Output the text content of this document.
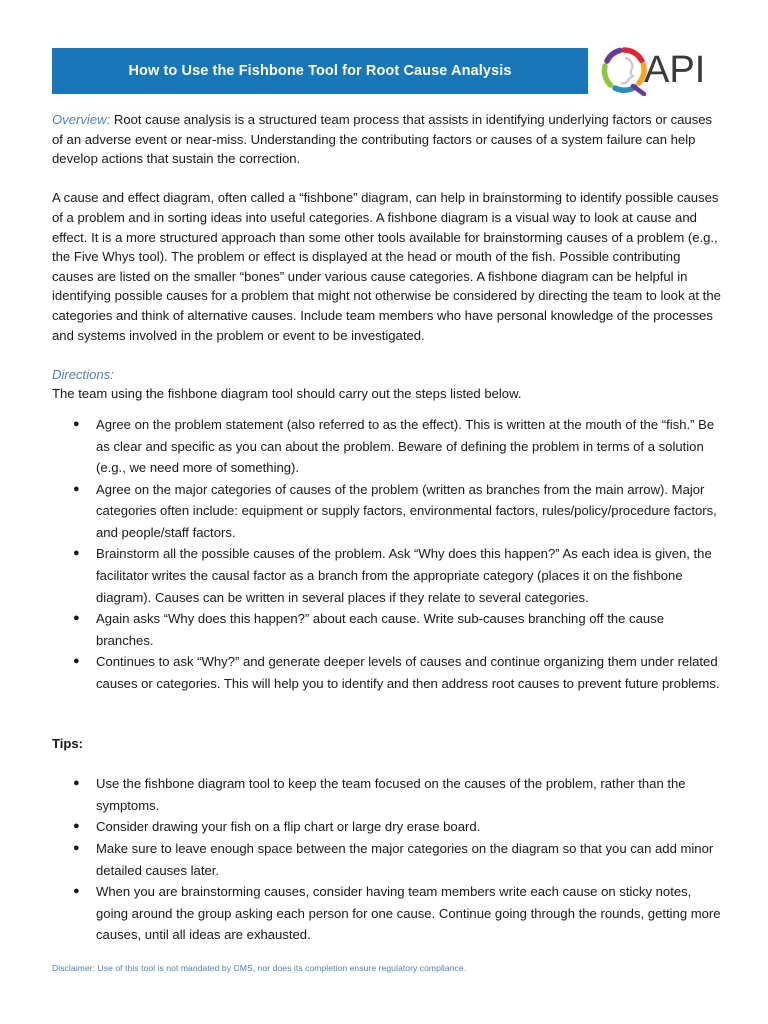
How to Use the Fishbone Tool for Root Cause Analysis	API

Overview: Root cause analysis is a structured team process that assists in identifying underlying factors or causes of an adverse event or near-miss. Understanding the contributing factors or causes of a system failure can help develop actions that sustain the correction.

A cause and effect diagram, often called a “fishbone” diagram, can help in brainstorming to identify possible causes of a problem and in sorting ideas into useful categories. A fishbone diagram is a visual way to look at cause and effect. It is a more structured approach than some other tools available for brainstorming causes of a problem (e.g., the Five Whys tool). The problem or effect is displayed at the head or mouth of the fish. Possible contributing causes are listed on the smaller “bones” under various cause categories. A fishbone diagram can be helpful in identifying possible causes for a problem that might not otherwise be considered by directing the team to look at the categories and think of alternative causes. Include team members who have personal knowledge of the processes and systems involved in the problem or event to be investigated.

Directions:

The team using the fishbone diagram tool should carry out the steps listed below.

● Agree on the problem statement (also referred to as the effect). This is written at the mouth of the “fish.” Be as clear and specific as you can about the problem. Beware of defining the problem in terms of a solution (e.g., we need more of something).
● Agree on the major categories of causes of the problem (written as branches from the main arrow). Major categories often include: equipment or supply factors, environmental factors, rules/policy/procedure factors, and people/staff factors.
● Brainstorm all the possible causes of the problem. Ask “Why does this happen?” As each idea is given, the facilitator writes the causal factor as a branch from the appropriate category (places it on the fishbone diagram). Causes can be written in several places if they relate to several categories.
● Again asks “Why does this happen?” about each cause. Write sub-causes branching off the cause branches.
● Continues to ask “Why?” and generate deeper levels of causes and continue organizing them under related causes or categories. This will help you to identify and then address root causes to prevent future problems.

Tips:

● Use the fishbone diagram tool to keep the team focused on the causes of the problem, rather than the symptoms.
● Consider drawing your fish on a flip chart or large dry erase board.
● Make sure to leave enough space between the major categories on the diagram so that you can add minor detailed causes later.
● When you are brainstorming causes, consider having team members write each cause on sticky notes, going around the group asking each person for one cause. Continue going through the rounds, getting more causes, until all ideas are exhausted.
Disclaimer: Use of this tool is not mandated by CMS, nor does its completion ensure regulatory compliance.
